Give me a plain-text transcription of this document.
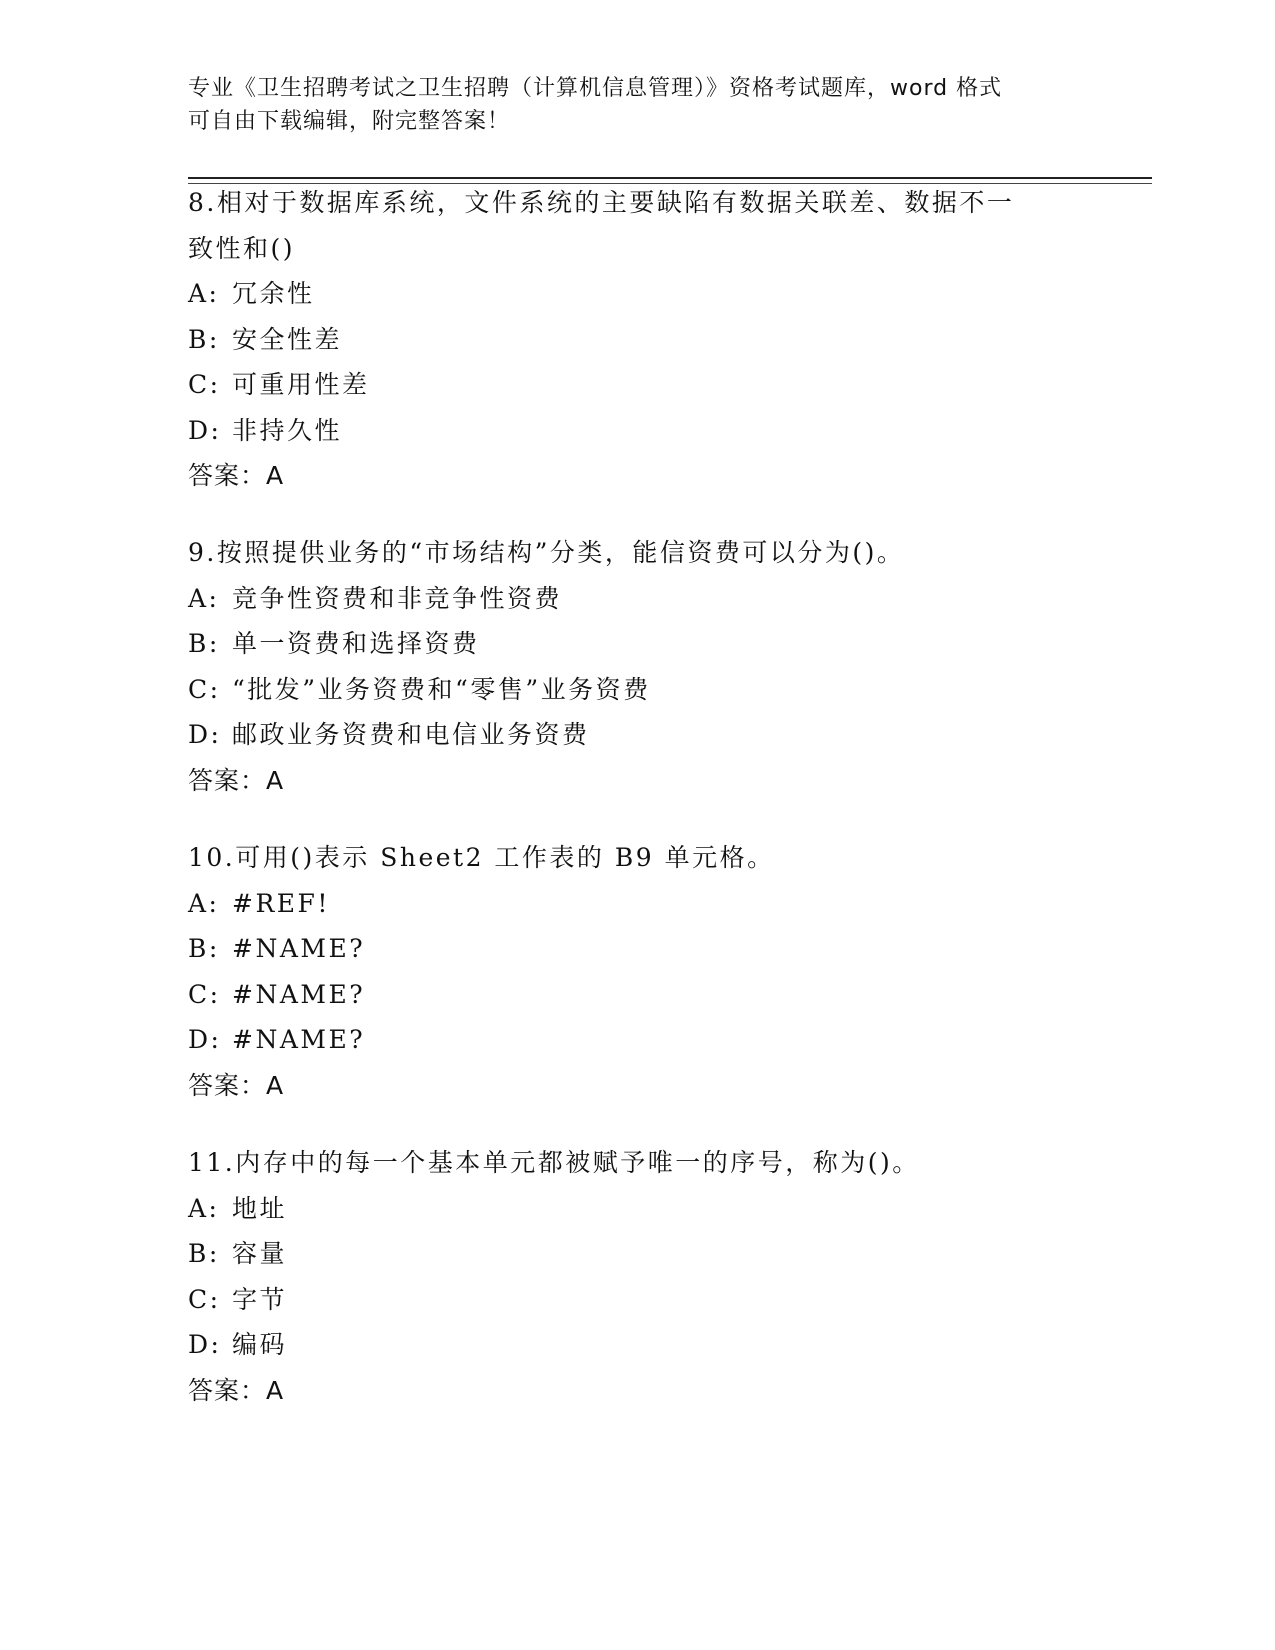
专业《卫生招聘考试之卫生招聘（计算机信息管理）》资格考试题库，word 格式
可自由下载编辑，附完整答案！
8.相对于数据库系统，文件系统的主要缺陷有数据关联差、数据不一
致性和()
A: 冗余性
B: 安全性差
C: 可重用性差
D: 非持久性
答案：A
9.按照提供业务的“市场结构”分类，能信资费可以分为()。
A: 竞争性资费和非竞争性资费
B: 单一资费和选择资费
C: “批发”业务资费和“零售”业务资费
D: 邮政业务资费和电信业务资费
答案：A
10.可用()表示 Sheet2 工作表的 B9 单元格。
A: #REF!
B: #NAME?
C: #NAME?
D: #NAME?
答案：A
11.内存中的每一个基本单元都被赋予唯一的序号，称为()。
A: 地址
B: 容量
C: 字节
D: 编码
答案：A
